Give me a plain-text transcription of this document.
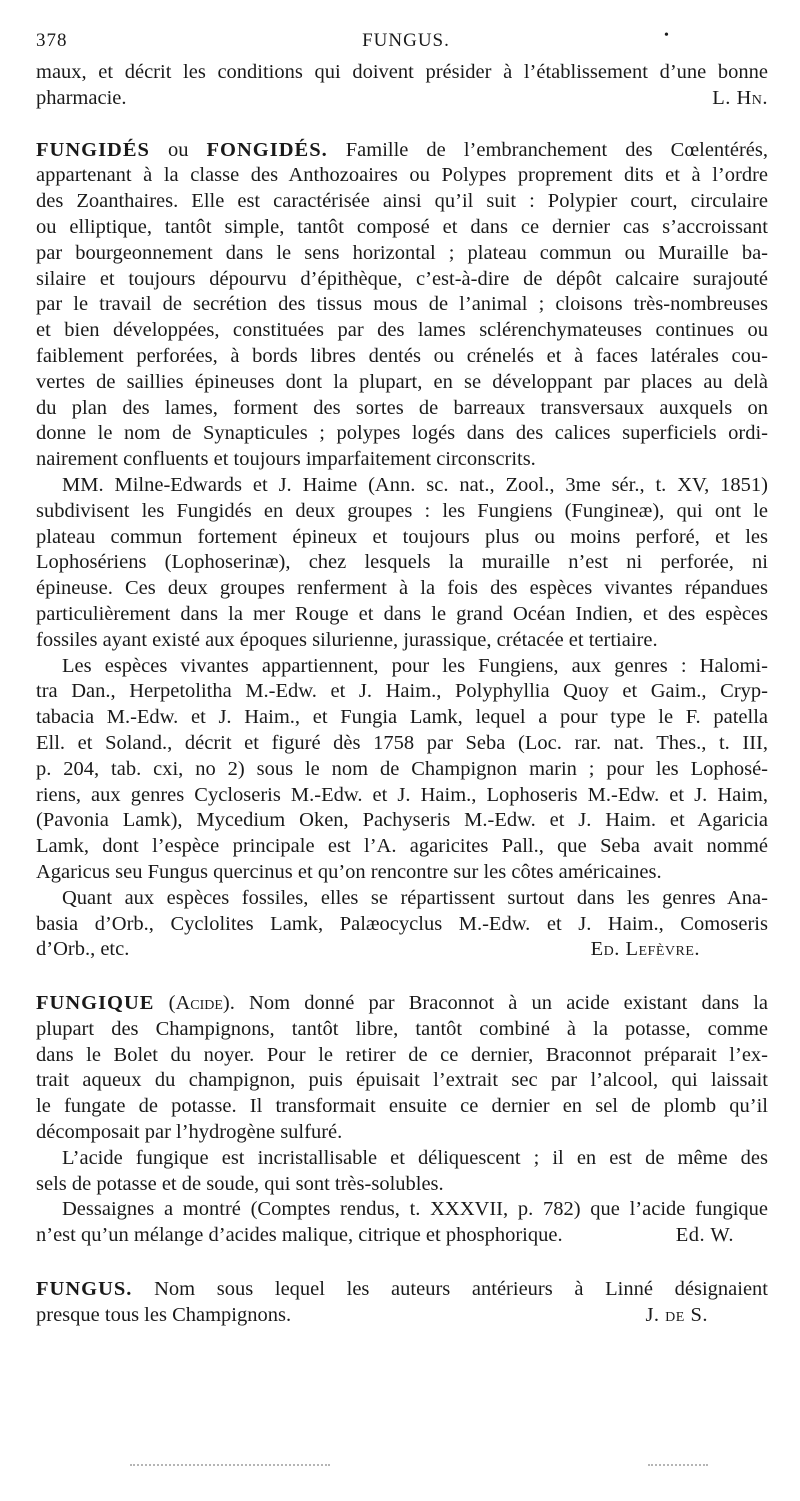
378	FUNGUS.	•
maux, et décrit les conditions qui doivent présider à l’établissement d’une bonne
pharmacie.	L. Hn.
FUNGIDÉS ou FONGIDÉS. Famille de l’embranchement des Cœlentérés,
appartenant à la classe des Anthozoaires ou Polypes proprement dits et à l’ordre
des Zoanthaires. Elle est caractérisée ainsi qu’il suit : Polypier court, circulaire
ou elliptique, tantôt simple, tantôt composé et dans ce dernier cas s’accroissant
par bourgeonnement dans le sens horizontal ; plateau commun ou Muraille ba-
silaire et toujours dépourvu d’épithèque, c’est-à-dire de dépôt calcaire surajouté
par le travail de secrétion des tissus mous de l’animal ; cloisons très-nombreuses
et bien développées, constituées par des lames sclérenchymateuses continues ou
faiblement perforées, à bords libres dentés ou crénelés et à faces latérales cou-
vertes de saillies épineuses dont la plupart, en se développant par places au delà
du plan des lames, forment des sortes de barreaux transversaux auxquels on
donne le nom de Synapticules ; polypes logés dans des calices superficiels ordi-
nairement confluents et toujours imparfaitement circonscrits.
MM. Milne-Edwards et J. Haime (Ann. sc. nat., Zool., 3me sér., t. XV, 1851)
subdivisent les Fungidés en deux groupes : les Fungiens (Fungineæ), qui ont le
plateau commun fortement épineux et toujours plus ou moins perforé, et les
Lophosériens (Lophoserinæ), chez lesquels la muraille n’est ni perforée, ni
épineuse. Ces deux groupes renferment à la fois des espèces vivantes répandues
particulièrement dans la mer Rouge et dans le grand Océan Indien, et des espèces
fossiles ayant existé aux époques silurienne, jurassique, crétacée et tertiaire.
Les espèces vivantes appartiennent, pour les Fungiens, aux genres : Halomi-
tra Dan., Herpetolitha M.-Edw. et J. Haim., Polyphyllia Quoy et Gaim., Cryp-
tabacia M.-Edw. et J. Haim., et Fungia Lamk, lequel a pour type le F. patella
Ell. et Soland., décrit et figuré dès 1758 par Seba (Loc. rar. nat. Thes., t. III,
p. 204, tab. cxi, no 2) sous le nom de Champignon marin ; pour les Lophosé-
riens, aux genres Cycloseris M.-Edw. et J. Haim., Lophoseris M.-Edw. et J. Haim,
(Pavonia Lamk), Mycedium Oken, Pachyseris M.-Edw. et J. Haim. et Agaricia
Lamk, dont l’espèce principale est l’A. agaricites Pall., que Seba avait nommé
Agaricus seu Fungus quercinus et qu’on rencontre sur les côtes américaines.
Quant aux espèces fossiles, elles se répartissent surtout dans les genres Ana-
basia d’Orb., Cyclolites Lamk, Palæocyclus M.-Edw. et J. Haim., Comoseris
d’Orb., etc.	Ed. Lefèvre.
FUNGIQUE (Acide). Nom donné par Braconnot à un acide existant dans la
plupart des Champignons, tantôt libre, tantôt combiné à la potasse, comme
dans le Bolet du noyer. Pour le retirer de ce dernier, Braconnot préparait l’ex-
trait aqueux du champignon, puis épuisait l’extrait sec par l’alcool, qui laissait
le fungate de potasse. Il transformait ensuite ce dernier en sel de plomb qu’il
décomposait par l’hydrogène sulfuré.
L’acide fungique est incristallisable et déliquescent ; il en est de même des
sels de potasse et de soude, qui sont très-solubles.
Dessaignes a montré (Comptes rendus, t. XXXVII, p. 782) que l’acide fungique
n’est qu’un mélange d’acides malique, citrique et phosphorique.	Ed. W.
FUNGUS. Nom sous lequel les auteurs antérieurs à Linné désignaient
presque tous les Champignons.	J. de S.
